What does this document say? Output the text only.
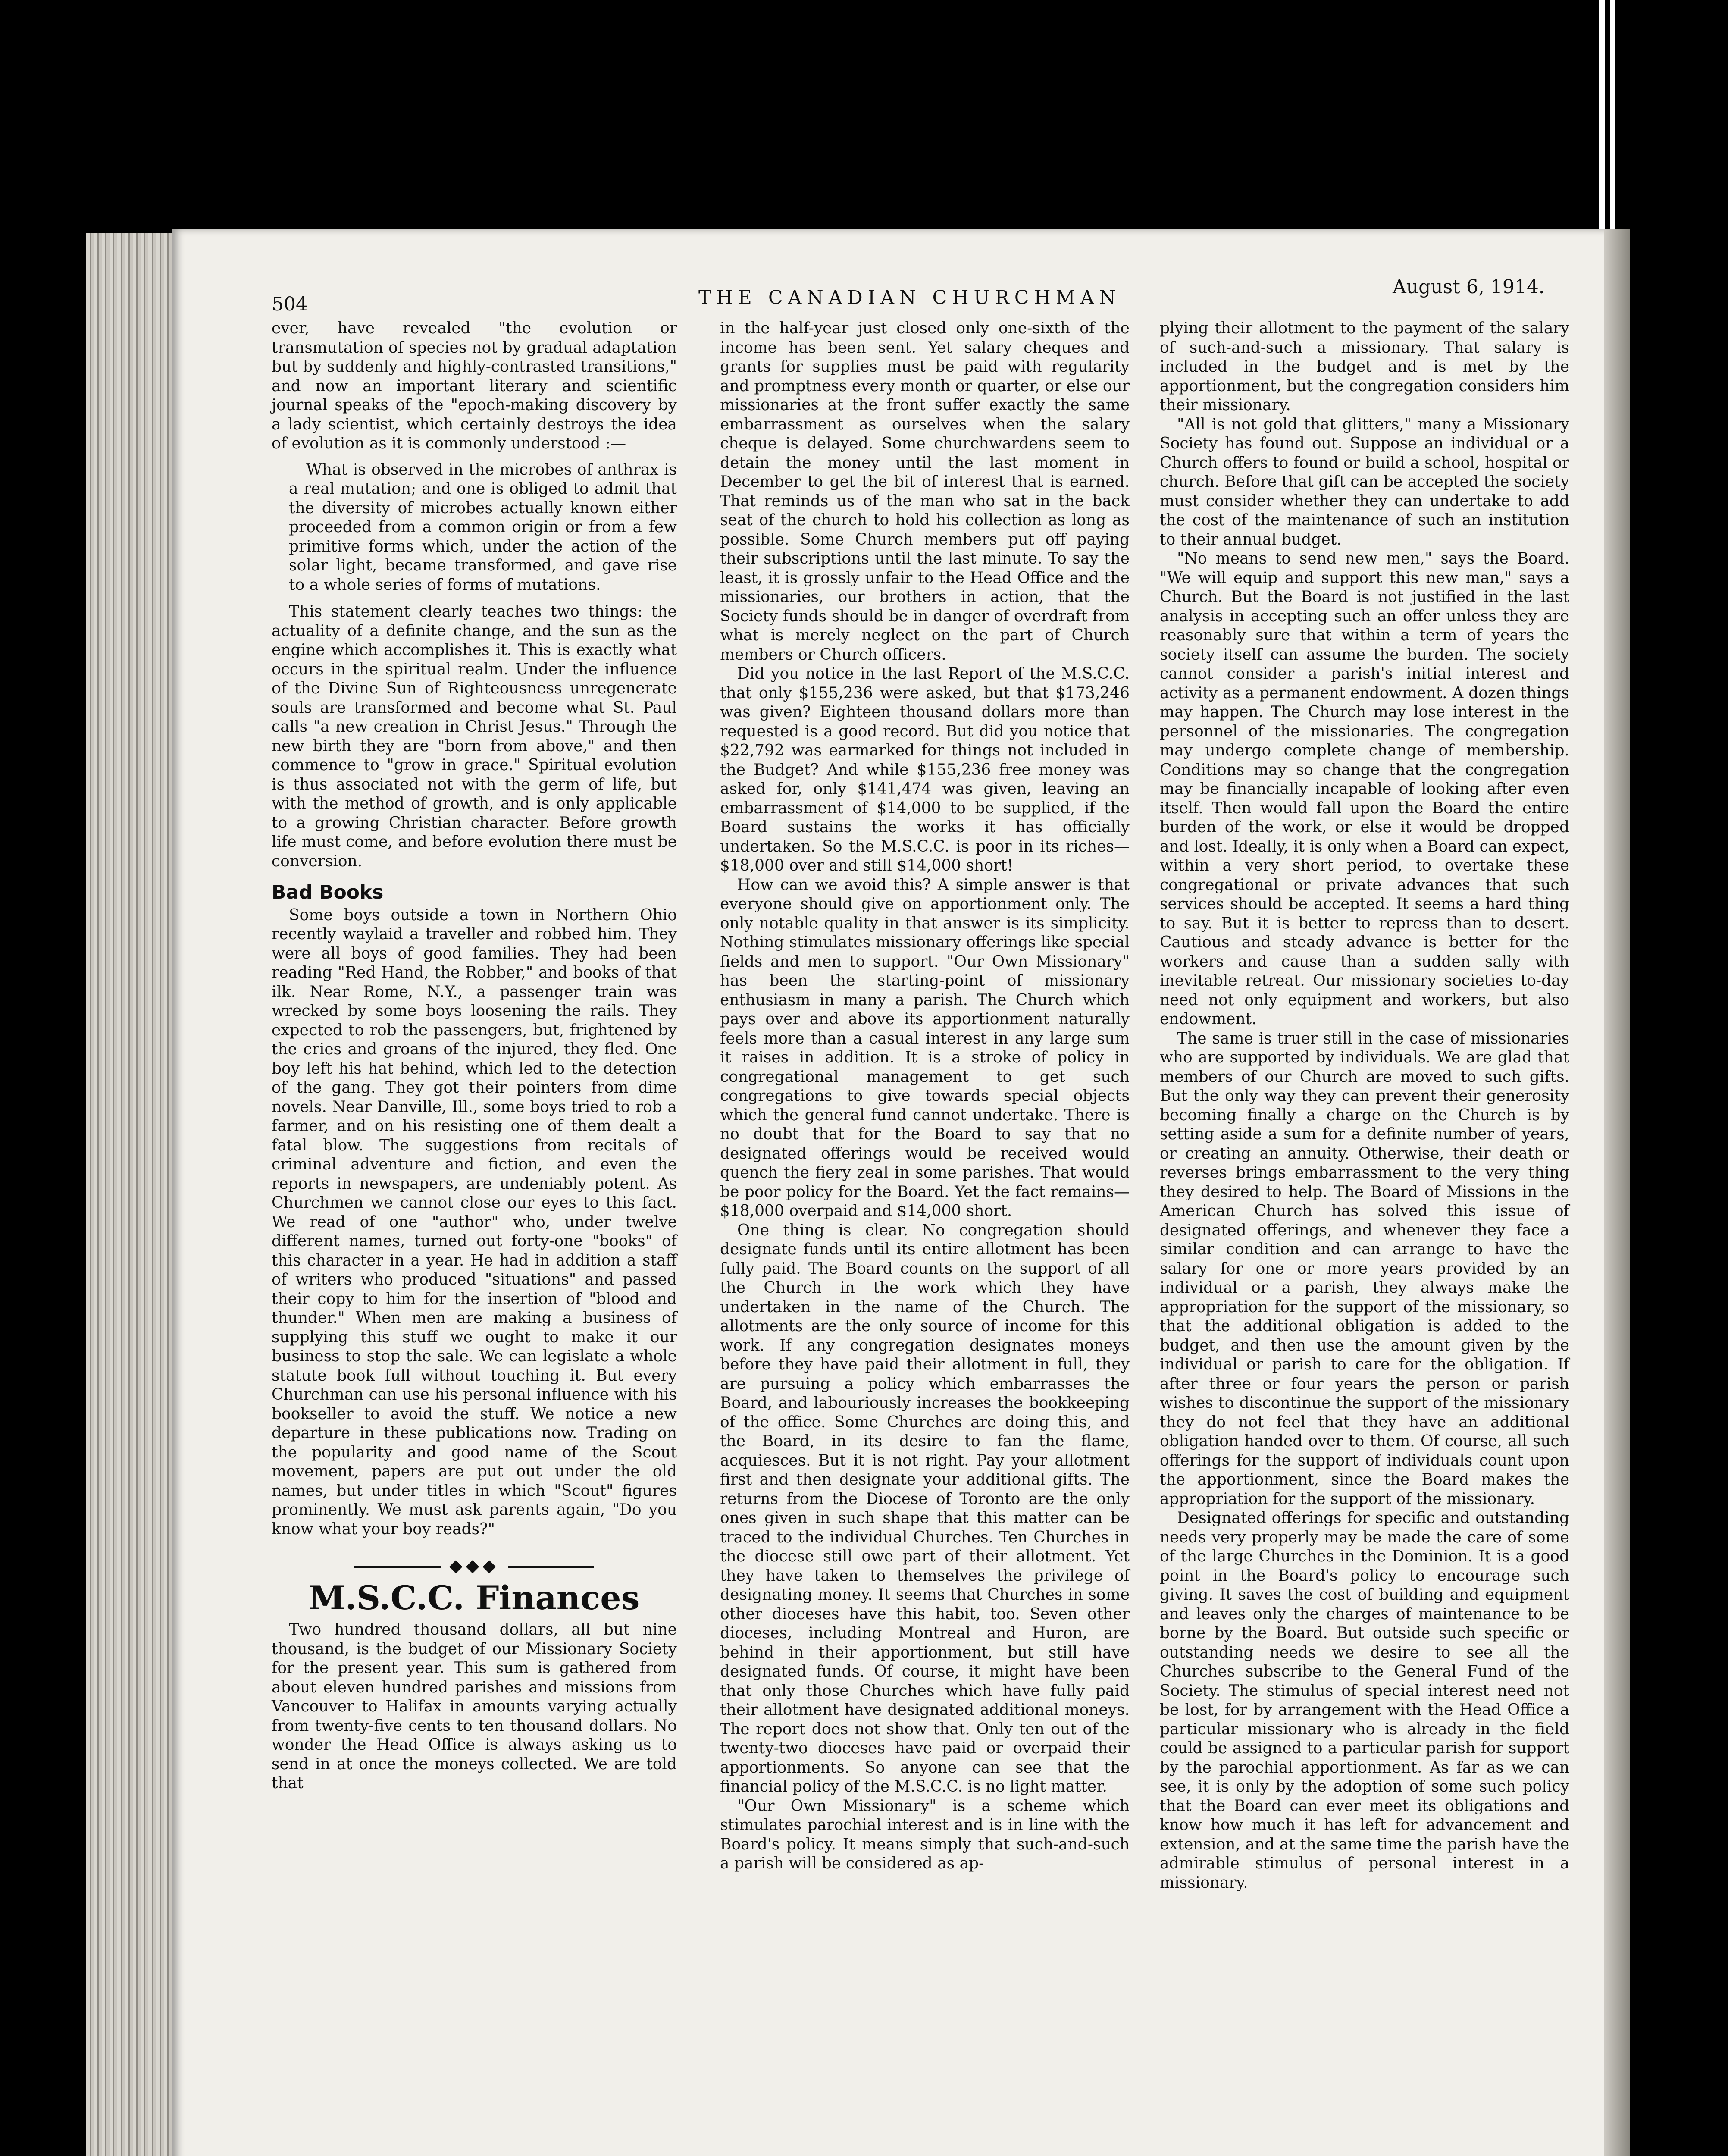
504	THE CANADIAN CHURCHMAN	August 6, 1914.

ever, have revealed "the evolution or transmutation of species not by gradual adaptation but by suddenly and highly-contrasted transitions," and now an important literary and scientific journal speaks of the "epoch-making discovery by a lady scientist, which certainly destroys the idea of evolution as it is commonly understood :—

What is observed in the microbes of anthrax is a real mutation; and one is obliged to admit that the diversity of microbes actually known either proceeded from a common origin or from a few primitive forms which, under the action of the solar light, became transformed, and gave rise to a whole series of forms of mutations.

This statement clearly teaches two things: the actuality of a definite change, and the sun as the engine which accomplishes it. This is exactly what occurs in the spiritual realm. Under the influence of the Divine Sun of Righteousness unregenerate souls are transformed and become what St. Paul calls "a new creation in Christ Jesus." Through the new birth they are "born from above," and then commence to "grow in grace." Spiritual evolution is thus associated not with the germ of life, but with the method of growth, and is only applicable to a growing Christian character. Before growth life must come, and before evolution there must be conversion.

Bad Books

Some boys outside a town in Northern Ohio recently waylaid a traveller and robbed him. They were all boys of good families. They had been reading "Red Hand, the Robber," and books of that ilk. Near Rome, N.Y., a passenger train was wrecked by some boys loosening the rails. They expected to rob the passengers, but, frightened by the cries and groans of the injured, they fled. One boy left his hat behind, which led to the detection of the gang. They got their pointers from dime novels. Near Danville, Ill., some boys tried to rob a farmer, and on his resisting one of them dealt a fatal blow. The suggestions from recitals of criminal adventure and fiction, and even the reports in newspapers, are undeniably potent. As Churchmen we cannot close our eyes to this fact. We read of one "author" who, under twelve different names, turned out forty-one "books" of this character in a year. He had in addition a staff of writers who produced "situations" and passed their copy to him for the insertion of "blood and thunder." When men are making a business of supplying this stuff we ought to make it our business to stop the sale. We can legislate a whole statute book full without touching it. But every Churchman can use his personal influence with his bookseller to avoid the stuff. We notice a new departure in these publications now. Trading on the popularity and good name of the Scout movement, papers are put out under the old names, but under titles in which "Scout" figures prominently. We must ask parents again, "Do you know what your boy reads?"

◆◆◆
M.S.C.C. Finances

Two hundred thousand dollars, all but nine thousand, is the budget of our Missionary Society for the present year. This sum is gathered from about eleven hundred parishes and missions from Vancouver to Halifax in amounts varying actually from twenty-five cents to ten thousand dollars. No wonder the Head Office is always asking us to send in at once the moneys collected. We are told that

in the half-year just closed only one-sixth of the income has been sent. Yet salary cheques and grants for supplies must be paid with regularity and promptness every month or quarter, or else our missionaries at the front suffer exactly the same embarrassment as ourselves when the salary cheque is delayed. Some churchwardens seem to detain the money until the last moment in December to get the bit of interest that is earned. That reminds us of the man who sat in the back seat of the church to hold his collection as long as possible. Some Church members put off paying their subscriptions until the last minute. To say the least, it is grossly unfair to the Head Office and the missionaries, our brothers in action, that the Society funds should be in danger of overdraft from what is merely neglect on the part of Church members or Church officers.

Did you notice in the last Report of the M.S.C.C. that only $155,236 were asked, but that $173,246 was given? Eighteen thousand dollars more than requested is a good record. But did you notice that $22,792 was earmarked for things not included in the Budget? And while $155,236 free money was asked for, only $141,474 was given, leaving an embarrassment of $14,000 to be supplied, if the Board sustains the works it has officially undertaken. So the M.S.C.C. is poor in its riches—$18,000 over and still $14,000 short!

How can we avoid this? A simple answer is that everyone should give on apportionment only. The only notable quality in that answer is its simplicity. Nothing stimulates missionary offerings like special fields and men to support. "Our Own Missionary" has been the starting-point of missionary enthusiasm in many a parish. The Church which pays over and above its apportionment naturally feels more than a casual interest in any large sum it raises in addition. It is a stroke of policy in congregational management to get such congregations to give towards special objects which the general fund cannot undertake. There is no doubt that for the Board to say that no designated offerings would be received would quench the fiery zeal in some parishes. That would be poor policy for the Board. Yet the fact remains—$18,000 overpaid and $14,000 short.

One thing is clear. No congregation should designate funds until its entire allotment has been fully paid. The Board counts on the support of all the Church in the work which they have undertaken in the name of the Church. The allotments are the only source of income for this work. If any congregation designates moneys before they have paid their allotment in full, they are pursuing a policy which embarrasses the Board, and labouriously increases the bookkeeping of the office. Some Churches are doing this, and the Board, in its desire to fan the flame, acquiesces. But it is not right. Pay your allotment first and then designate your additional gifts. The returns from the Diocese of Toronto are the only ones given in such shape that this matter can be traced to the individual Churches. Ten Churches in the diocese still owe part of their allotment. Yet they have taken to themselves the privilege of designating money. It seems that Churches in some other dioceses have this habit, too. Seven other dioceses, including Montreal and Huron, are behind in their apportionment, but still have designated funds. Of course, it might have been that only those Churches which have fully paid their allotment have designated additional moneys. The report does not show that. Only ten out of the twenty-two dioceses have paid or overpaid their apportionments. So anyone can see that the financial policy of the M.S.C.C. is no light matter.

"Our Own Missionary" is a scheme which stimulates parochial interest and is in line with the Board's policy. It means simply that such-and-such a parish will be considered as ap-

plying their allotment to the payment of the salary of such-and-such a missionary. That salary is included in the budget and is met by the apportionment, but the congregation considers him their missionary.

"All is not gold that glitters," many a Missionary Society has found out. Suppose an individual or a Church offers to found or build a school, hospital or church. Before that gift can be accepted the society must consider whether they can undertake to add the cost of the maintenance of such an institution to their annual budget.

"No means to send new men," says the Board. "We will equip and support this new man," says a Church. But the Board is not justified in the last analysis in accepting such an offer unless they are reasonably sure that within a term of years the society itself can assume the burden. The society cannot consider a parish's initial interest and activity as a permanent endowment. A dozen things may happen. The Church may lose interest in the personnel of the missionaries. The congregation may undergo complete change of membership. Conditions may so change that the congregation may be financially incapable of looking after even itself. Then would fall upon the Board the entire burden of the work, or else it would be dropped and lost. Ideally, it is only when a Board can expect, within a very short period, to overtake these congregational or private advances that such services should be accepted. It seems a hard thing to say. But it is better to repress than to desert. Cautious and steady advance is better for the workers and cause than a sudden sally with inevitable retreat. Our missionary societies to-day need not only equipment and workers, but also endowment.

The same is truer still in the case of missionaries who are supported by individuals. We are glad that members of our Church are moved to such gifts. But the only way they can prevent their generosity becoming finally a charge on the Church is by setting aside a sum for a definite number of years, or creating an annuity. Otherwise, their death or reverses brings embarrassment to the very thing they desired to help. The Board of Missions in the American Church has solved this issue of designated offerings, and whenever they face a similar condition and can arrange to have the salary for one or more years provided by an individual or a parish, they always make the appropriation for the support of the missionary, so that the additional obligation is added to the budget, and then use the amount given by the individual or parish to care for the obligation. If after three or four years the person or parish wishes to discontinue the support of the missionary they do not feel that they have an additional obligation handed over to them. Of course, all such offerings for the support of individuals count upon the apportionment, since the Board makes the appropriation for the support of the missionary.

Designated offerings for specific and outstanding needs very properly may be made the care of some of the large Churches in the Dominion. It is a good point in the Board's policy to encourage such giving. It saves the cost of building and equipment and leaves only the charges of maintenance to be borne by the Board. But outside such specific or outstanding needs we desire to see all the Churches subscribe to the General Fund of the Society. The stimulus of special interest need not be lost, for by arrangement with the Head Office a particular missionary who is already in the field could be assigned to a particular parish for support by the parochial apportionment. As far as we can see, it is only by the adoption of some such policy that the Board can ever meet its obligations and know how much it has left for advancement and extension, and at the same time the parish have the admirable stimulus of personal interest in a missionary.
